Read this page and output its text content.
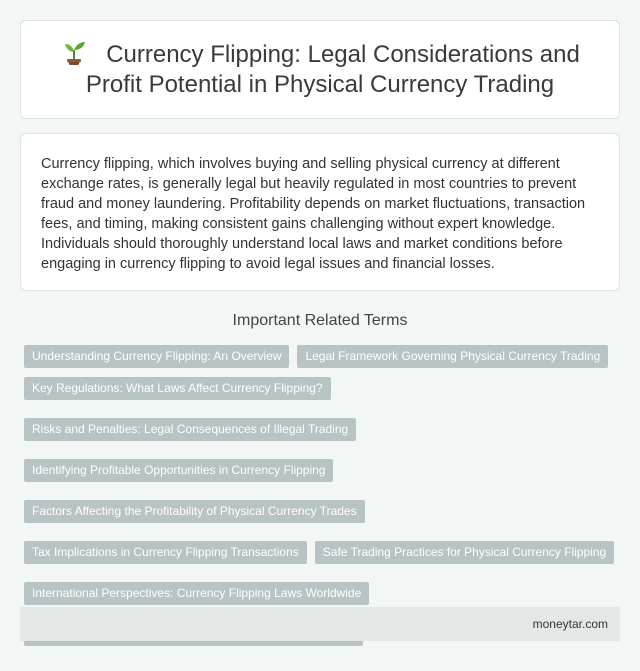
Currency Flipping: Legal Considerations and Profit Potential in Physical Currency Trading

Currency flipping, which involves buying and selling physical currency at different exchange rates, is generally legal but heavily regulated in most countries to prevent fraud and money laundering. Profitability depends on market fluctuations, transaction fees, and timing, making consistent gains challenging without expert knowledge. Individuals should thoroughly understand local laws and market conditions before engaging in currency flipping to avoid legal issues and financial losses.

Important Related Terms
Understanding Currency Flipping: An Overview	Legal Framework Governing Physical Currency Trading
Key Regulations: What Laws Affect Currency Flipping?
Risks and Penalties: Legal Consequences of Illegal Trading
Identifying Profitable Opportunities in Currency Flipping
Factors Affecting the Profitability of Physical Currency Trades
Tax Implications in Currency Flipping Transactions	Safe Trading Practices for Physical Currency Flipping
International Perspectives: Currency Flipping Laws Worldwide
moneytar.com
